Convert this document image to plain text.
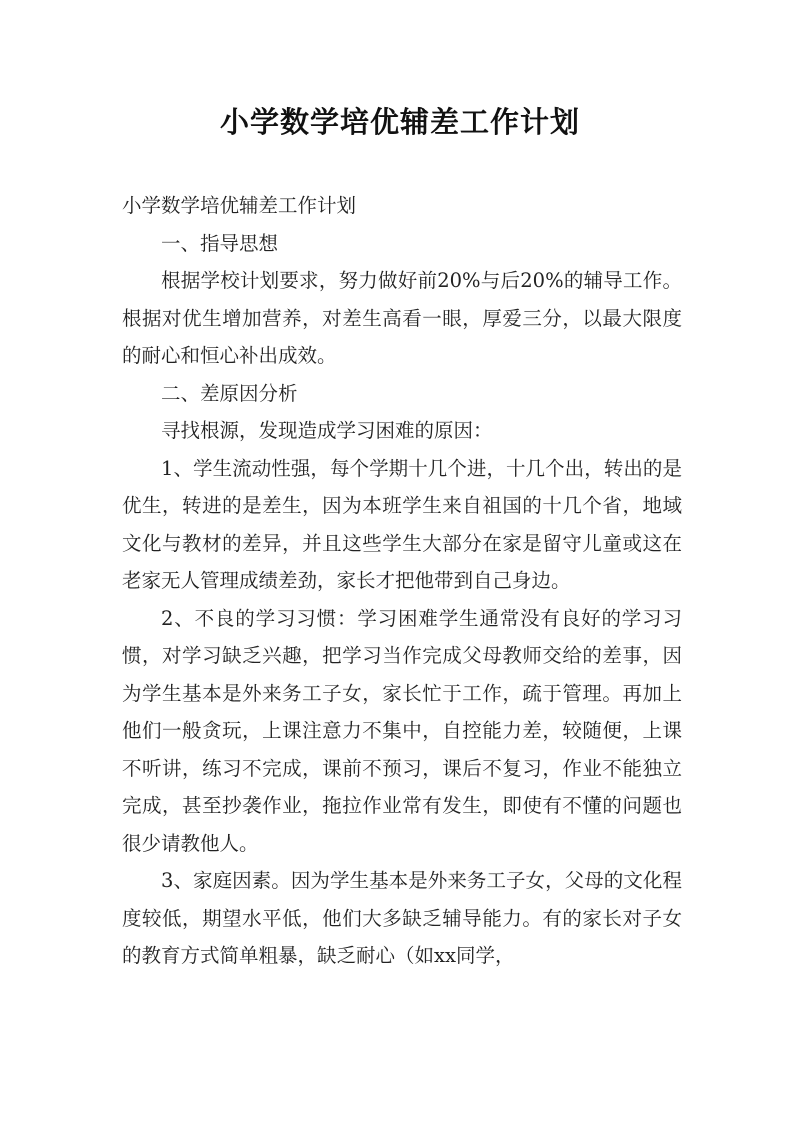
小学数学培优辅差工作计划

小学数学培优辅差工作计划

一、指导思想

根据学校计划要求，努力做好前20%与后20%的辅导工作。根据对优生增加营养，对差生高看一眼，厚爱三分，以最大限度的耐心和恒心补出成效。

二、差原因分析

寻找根源，发现造成学习困难的原因：

1、学生流动性强，每个学期十几个进，十几个出，转出的是优生，转进的是差生，因为本班学生来自祖国的十几个省，地域文化与教材的差异，并且这些学生大部分在家是留守儿童或这在老家无人管理成绩差劲，家长才把他带到自己身边。

2、不良的学习习惯：学习困难学生通常没有良好的学习习惯，对学习缺乏兴趣，把学习当作完成父母教师交给的差事，因为学生基本是外来务工子女，家长忙于工作，疏于管理。再加上他们一般贪玩，上课注意力不集中，自控能力差，较随便，上课不听讲，练习不完成，课前不预习，课后不复习，作业不能独立完成，甚至抄袭作业，拖拉作业常有发生，即使有不懂的问题也很少请教他人。

3、家庭因素。因为学生基本是外来务工子女，父母的文化程度较低，期望水平低，他们大多缺乏辅导能力。有的家长对子女的教育方式简单粗暴，缺乏耐心（如xx同学，
